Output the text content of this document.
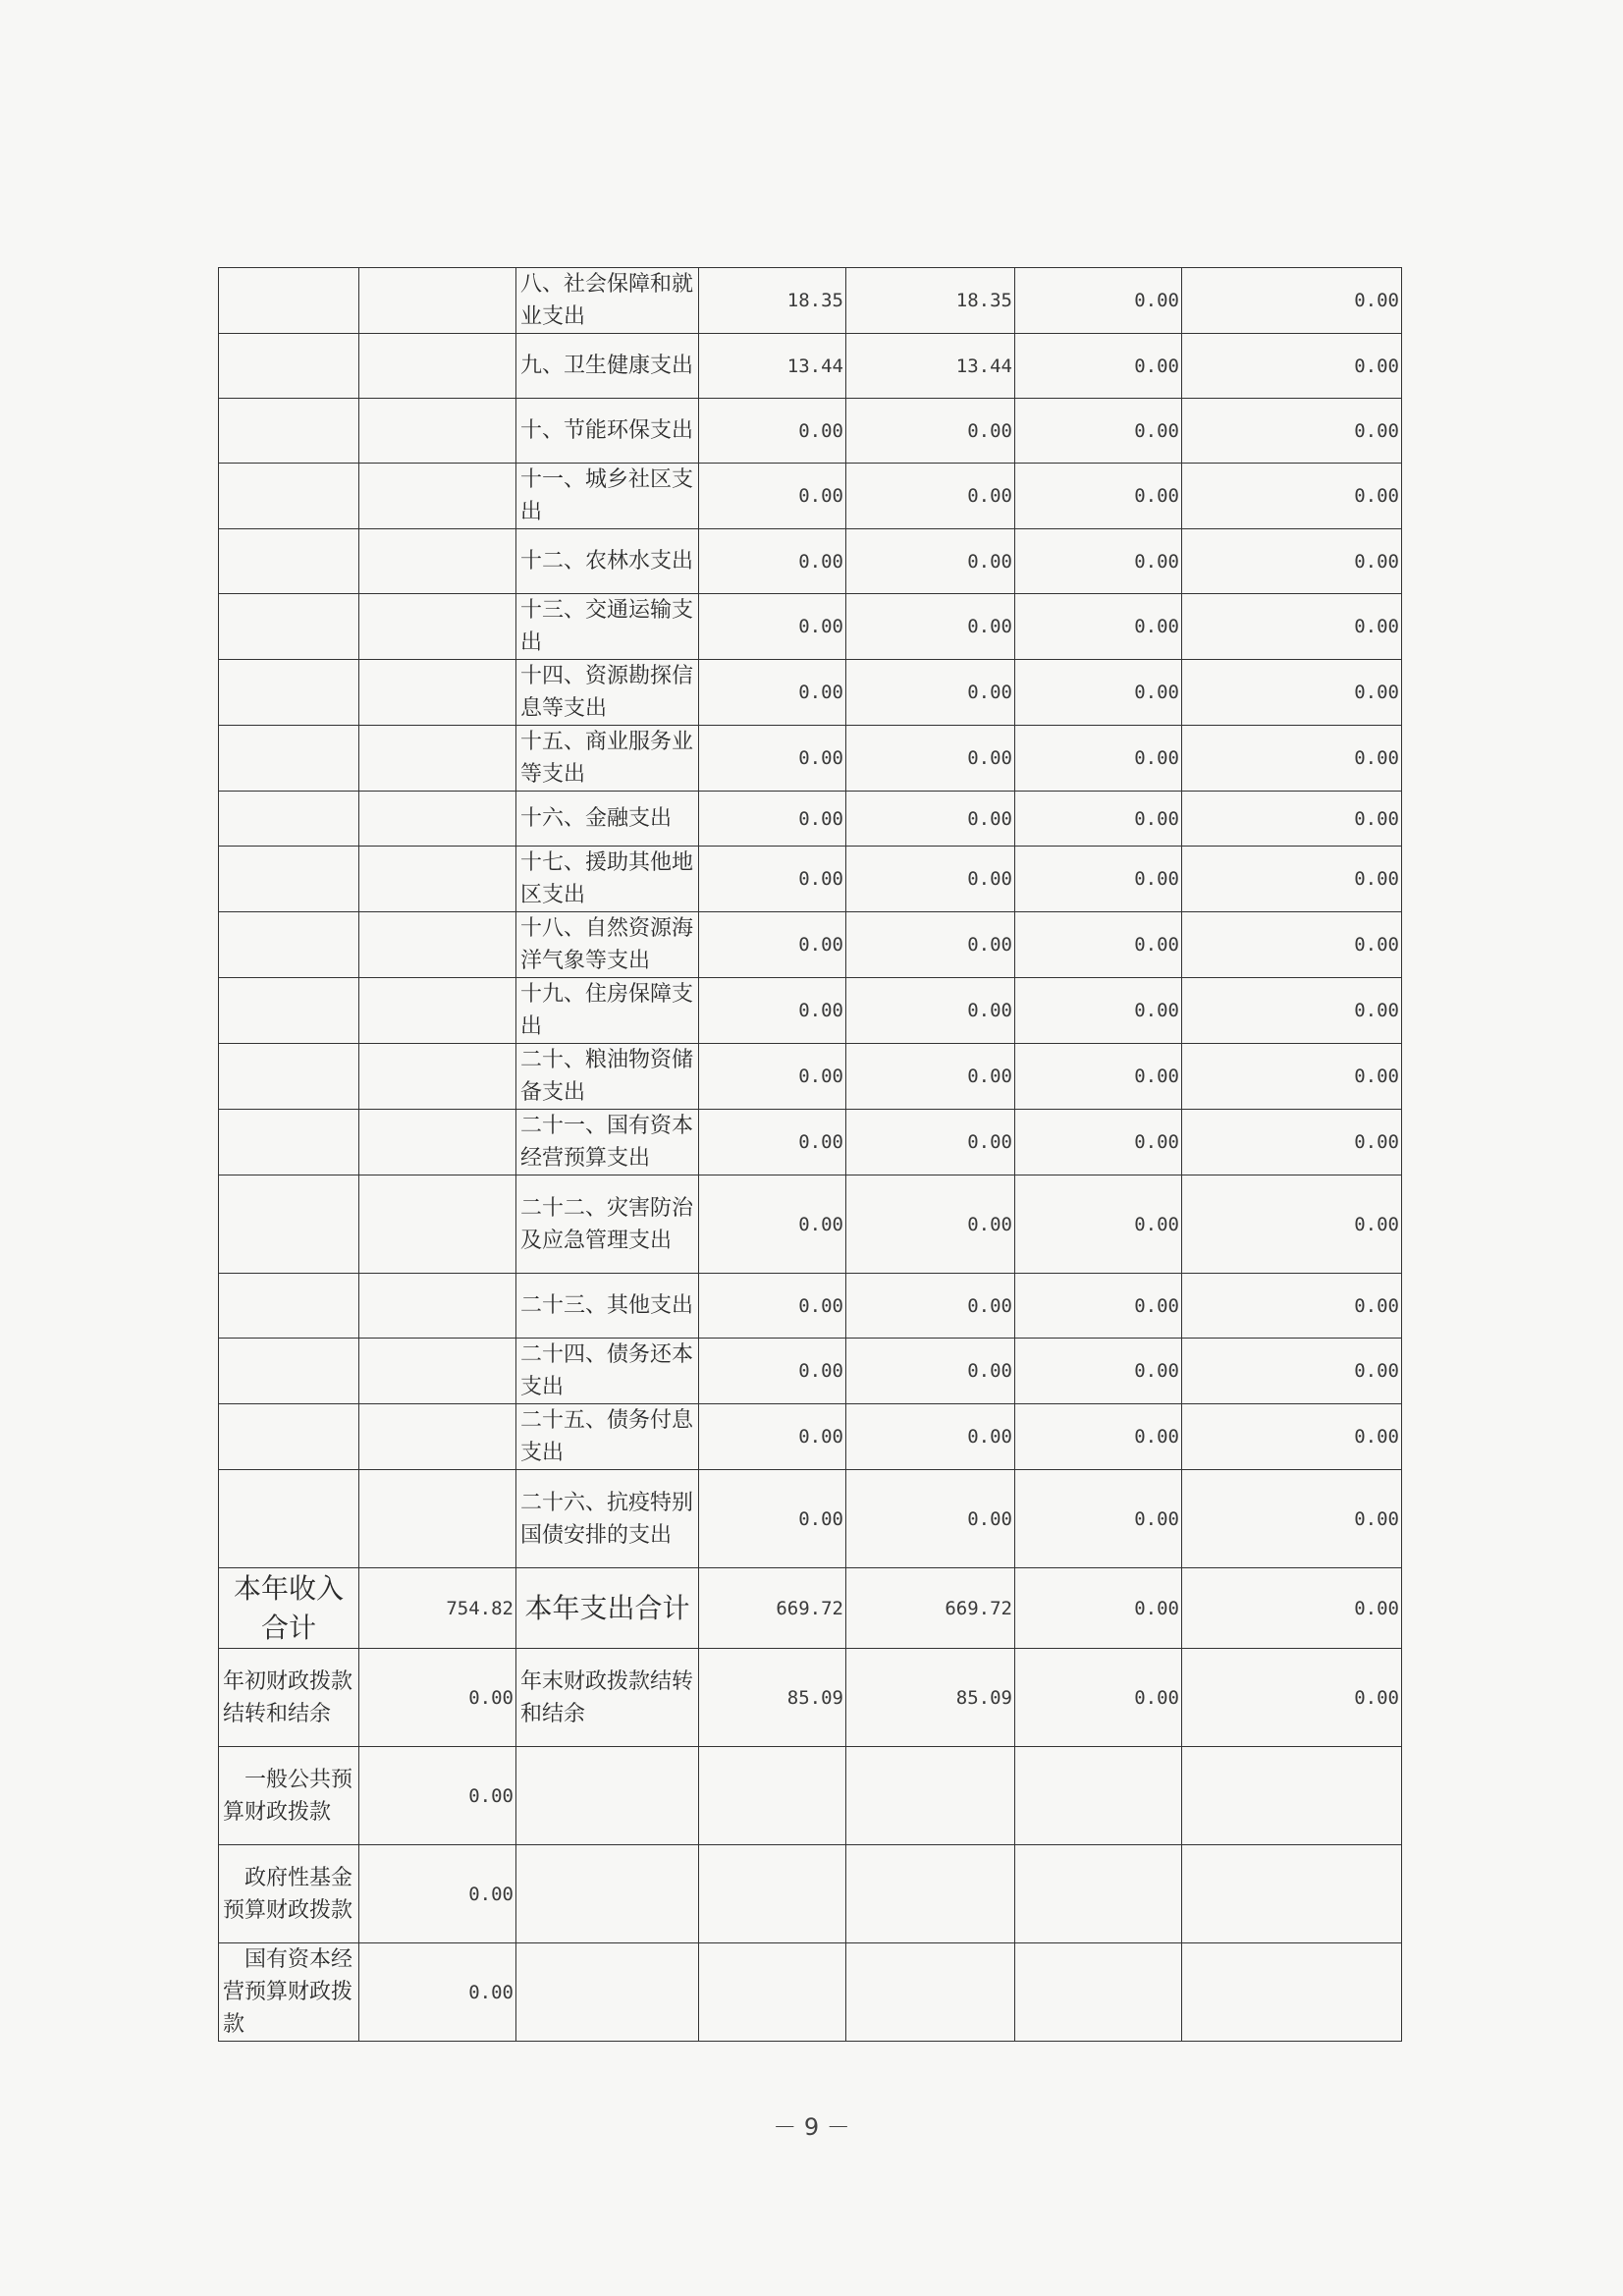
		八、社会保障和就业支出	18.35	18.35	0.00	0.00
		九、卫生健康支出	13.44	13.44	0.00	0.00
		十、节能环保支出	0.00	0.00	0.00	0.00
		十一、城乡社区支出	0.00	0.00	0.00	0.00
		十二、农林水支出	0.00	0.00	0.00	0.00
		十三、交通运输支出	0.00	0.00	0.00	0.00
		十四、资源勘探信息等支出	0.00	0.00	0.00	0.00
		十五、商业服务业等支出	0.00	0.00	0.00	0.00
		十六、金融支出	0.00	0.00	0.00	0.00
		十七、援助其他地区支出	0.00	0.00	0.00	0.00
		十八、自然资源海洋气象等支出	0.00	0.00	0.00	0.00
		十九、住房保障支出	0.00	0.00	0.00	0.00
		二十、粮油物资储备支出	0.00	0.00	0.00	0.00
		二十一、国有资本经营预算支出	0.00	0.00	0.00	0.00
		二十二、灾害防治及应急管理支出	0.00	0.00	0.00	0.00
		二十三、其他支出	0.00	0.00	0.00	0.00
		二十四、债务还本支出	0.00	0.00	0.00	0.00
		二十五、债务付息支出	0.00	0.00	0.00	0.00
		二十六、抗疫特别国债安排的支出	0.00	0.00	0.00	0.00
本年收入合计	754.82	本年支出合计	669.72	669.72	0.00	0.00
年初财政拨款结转和结余	0.00	年末财政拨款结转和结余	85.09	85.09	0.00	0.00
一般公共预算财政拨款	0.00					
政府性基金预算财政拨款	0.00					
国有资本经营预算财政拨款	0.00					
－ 9 －
